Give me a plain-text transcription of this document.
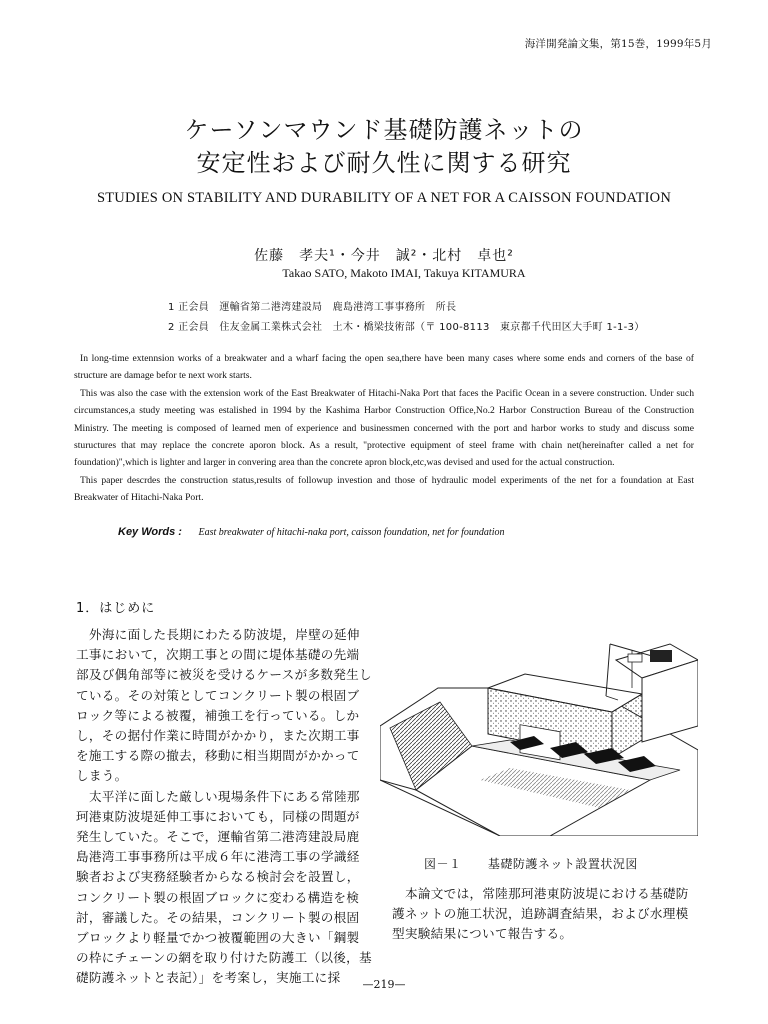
海洋開発論文集，第15巻，1999年5月
ケーソンマウンド基礎防護ネットの
安定性および耐久性に関する研究
STUDIES ON STABILITY AND DURABILITY OF A NET FOR A CAISSON FOUNDATION
佐藤　孝夫¹・今井　誠²・北村　卓也²
Takao SATO, Makoto IMAI, Takuya KITAMURA
1 正会員　運輸省第二港湾建設局　鹿島港湾工事事務所　所長
2 正会員　住友金属工業株式会社　土木・橋梁技術部（〒 100-8113　東京都千代田区大手町 1-1-3）

In long-time extennsion works of a breakwater and a wharf facing the open sea,there have been many cases where some ends and corners of the base of structure are damage befor te next work starts.

This was also the case with the extension work of the East Breakwater of Hitachi-Naka Port that faces the Pacific Ocean in a severe construction. Under such circumstances,a study meeting was estalished in 1994 by the Kashima Harbor Construction Office,No.2 Harbor Construction Bureau of the Construction Ministry. The meeting is composed of learned men of experience and businessmen concerned with the port and harbor works to study and discuss some stuructures that may replace the concrete aporon block. As a result, "protective equipment of steel frame with chain net(hereinafter called a net for foundation)",which is lighter and larger in convering area than the concrete apron block,etc,was devised and used for the actual construction.

This paper descrdes the construction status,results of followup investion and those of hydraulic model experiments of the net for a foundation at East Breakwater of Hitachi-Naka Port.

Key Words : East breakwater of hitachi-naka port, caisson foundation, net for foundation
1．はじめに

外海に面した長期にわたる防波堤，岸壁の延伸工事において，次期工事との間に堤体基礎の先端部及び偶角部等に被災を受けるケースが多数発生している。その対策としてコンクリート製の根固ブロック等による被覆，補強工を行っている。しかし，その据付作業に時間がかかり，また次期工事を施工する際の撤去，移動に相当期間がかかってしまう。

太平洋に面した厳しい現場条件下にある常陸那珂港東防波堤延伸工事においても，同様の問題が発生していた。そこで，運輸省第二港湾建設局鹿島港湾工事事務所は平成６年に港湾工事の学識経験者および実務経験者からなる検討会を設置し，コンクリート製の根固ブロックに変わる構造を検討，審議した。その結果，コンクリート製の根固ブロックより軽量でかつ被覆範囲の大きい「鋼製の枠にチェーンの網を取り付けた防護工（以後，基礎防護ネットと表記）」を考案し，実施工に採

図－１ 基礎防護ネット設置状況図

本論文では，常陸那珂港東防波堤における基礎防護ネットの施工状況，追跡調査結果，および水理模型実験結果について報告する。

—219—
